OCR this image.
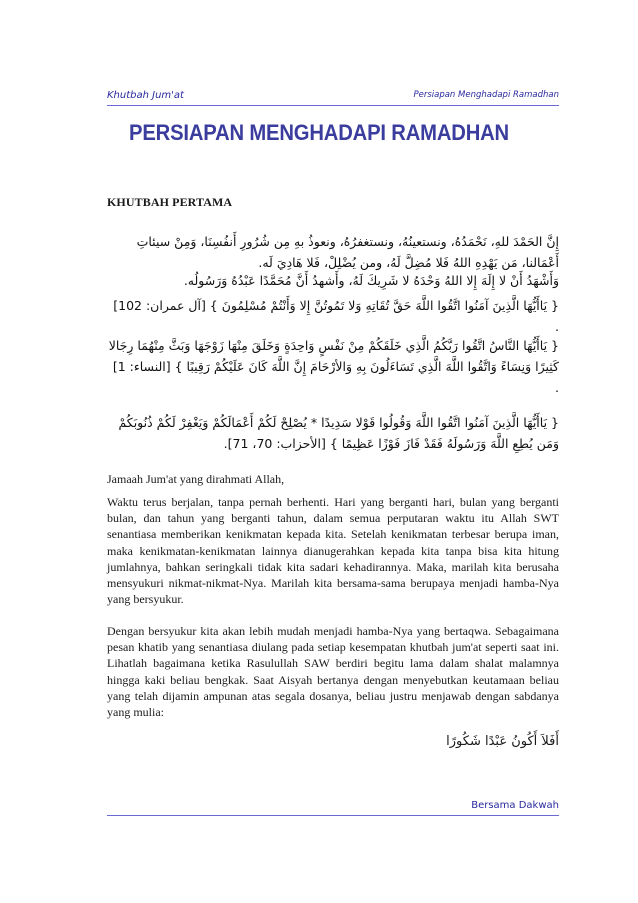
Khutbah Jum'at	Persiapan Menghadapi Ramadhan
PERSIAPAN MENGHADAPI RAMADHAN
KHUTBAH PERTAMA
إِنَّ الحَمْدَ للهِ، نَحْمَدُهُ، ونستعينُهُ، ونستغفرُهُ، ونعوذُ بهِ مِن شُرُورِ أَنفُسِنَا، وَمِنْ سيئاتِ أَعْمَالنا، مَن يَهْدِهِ اللهُ فَلا مُضِلَّ لَهُ، ومن يُضْلِلْ، فَلا هَادِيَ لَه.
وَأَشْهَدُ أَنْ لا إِلَهَ إِلا اللهُ وَحْدَهُ لا شَرِيكَ لَهُ، وأَشهدُ أَنَّ مُحَمَّدًا عَبْدُهُ وَرَسُولُه.
{ يَاأَيُّهَا الَّذِينَ آمَنُوا اتَّقُوا اللَّهَ حَقَّ تُقَاتِهِ وَلا تَمُوتُنَّ إِلا وَأَنْتُمْ مُسْلِمُونَ } [آل عمران: 102] .
{ يَاأَيُّهَا النَّاسُ اتَّقُوا رَبَّكُمُ الَّذِي خَلَقَكُمْ مِنْ نَفْسٍ وَاحِدَةٍ وَخَلَقَ مِنْهَا زَوْجَهَا وَبَثَّ مِنْهُمَا رِجَالا كَثِيرًا وَنِسَاءً وَاتَّقُوا اللَّهَ الَّذِي تَسَاءَلُونَ بِهِ وَالأرْحَامَ إِنَّ اللَّهَ كَانَ عَلَيْكُمْ رَقِيبًا } [النساء: 1] .
{ يَاأَيُّهَا الَّذِينَ آمَنُوا اتَّقُوا اللَّهَ وَقُولُوا قَوْلا سَدِيدًا * يُصْلِحْ لَكُمْ أَعْمَالَكُمْ وَيَغْفِرْ لَكُمْ ذُنُوبَكُمْ وَمَن يُطِعِ اللَّهَ وَرَسُولَهُ فَقَدْ فَازَ فَوْزًا عَظِيمًا } [الأحزاب: 70، 71].
Jamaah Jum'at yang dirahmati Allah,
Waktu terus berjalan, tanpa pernah berhenti. Hari yang berganti hari, bulan yang berganti bulan, dan tahun yang berganti tahun, dalam semua perputaran waktu itu Allah SWT senantiasa memberikan kenikmatan kepada kita. Setelah kenikmatan terbesar berupa iman, maka kenikmatan-kenikmatan lainnya dianugerahkan kepada kita tanpa bisa kita hitung jumlahnya, bahkan seringkali tidak kita sadari kehadirannya. Maka, marilah kita berusaha mensyukuri nikmat-nikmat-Nya. Marilah kita bersama-sama berupaya menjadi hamba-Nya yang bersyukur.
Dengan bersyukur kita akan lebih mudah menjadi hamba-Nya yang bertaqwa. Sebagaimana pesan khatib yang senantiasa diulang pada setiap kesempatan khutbah jum'at seperti saat ini. Lihatlah bagaimana ketika Rasulullah SAW berdiri begitu lama dalam shalat malamnya hingga kaki beliau bengkak. Saat Aisyah bertanya dengan menyebutkan keutamaan beliau yang telah dijamin ampunan atas segala dosanya, beliau justru menjawab dengan sabdanya yang mulia:
أَفَلاَ أَكُونُ عَبْدًا شَكُورًا
Bersama Dakwah
